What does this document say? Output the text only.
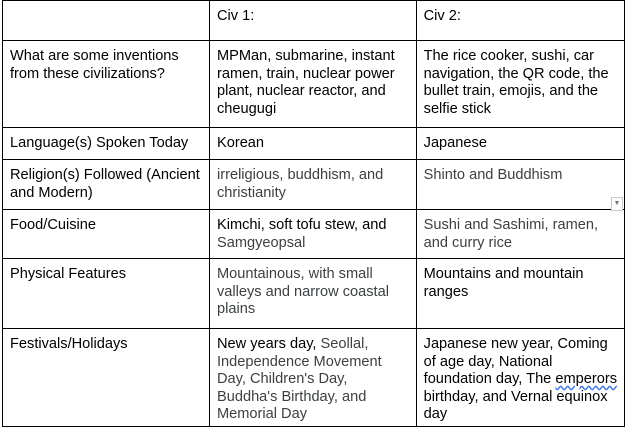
	Civ 1:	Civ 2:
What are some inventions from these civilizations?	MPMan, submarine, instant ramen, train, nuclear power plant, nuclear reactor, and cheugugi	The rice cooker, sushi, car navigation, the QR code, the bullet train, emojis, and the selfie stick
Language(s) Spoken Today	Korean	Japanese
Religion(s) Followed (Ancient and Modern)	irreligious, buddhism, and christianity	Shinto and Buddhism
Food/Cuisine	Kimchi, soft tofu stew, and Samgyeopsal	Sushi and Sashimi, ramen, and curry rice
Physical Features	Mountainous, with small valleys and narrow coastal plains	Mountains and mountain ranges
Festivals/Holidays	New years day, Seollal, Independence Movement Day, Children's Day, Buddha's Birthday, and Memorial Day	Japanese new year, Coming of age day, National foundation day, The emperors birthday, and Vernal equinox day
▼
